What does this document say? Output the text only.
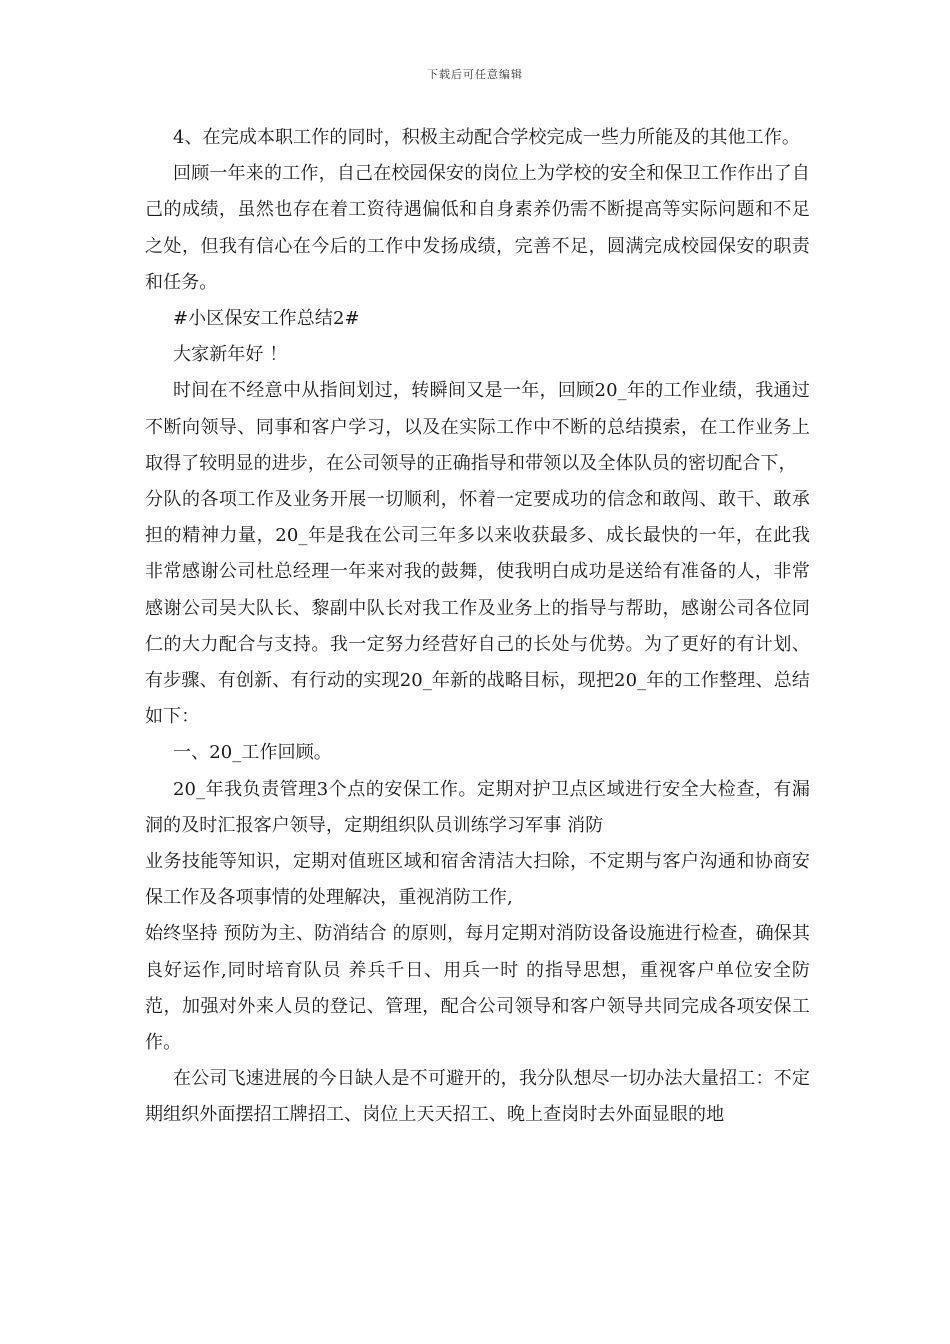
下载后可任意编辑

4、在完成本职工作的同时，积极主动配合学校完成一些力所能及的其他工作。

回顾一年来的工作，自己在校园保安的岗位上为学校的安全和保卫工作作出了自己的成绩，虽然也存在着工资待遇偏低和自身素养仍需不断提高等实际问题和不足之处，但我有信心在今后的工作中发扬成绩，完善不足，圆满完成校园保安的职责和任务。

#小区保安工作总结2#

大家新年好 ！

时间在不经意中从指间划过，转瞬间又是一年，回顾20_年的工作业绩，我通过不断向领导、同事和客户学习，以及在实际工作中不断的总结摸索，在工作业务上取得了较明显的进步，在公司领导的正确指导和带领以及全体队员的密切配合下，

分队的各项工作及业务开展一切顺利，怀着一定要成功的信念和敢闯、敢干、敢承担的精神力量，20_年是我在公司三年多以来收获最多、成长最快的一年，在此我非常感谢公司杜总经理一年来对我的鼓舞，使我明白成功是送给有准备的人，非常感谢公司吴大队长、黎副中队长对我工作及业务上的指导与帮助，感谢公司各位同仁的大力配合与支持。我一定努力经营好自己的长处与优势。为了更好的有计划、有步骤、有创新、有行动的实现20_年新的战略目标，现把20_年的工作整理、总结如下：

一、20_工作回顾。

20_年我负责管理3个点的安保工作。定期对护卫点区域进行安全大检查，有漏洞的及时汇报客户领导，定期组织队员训练学习军事 消防

业务技能等知识，定期对值班区域和宿舍清洁大扫除，不定期与客户沟通和协商安保工作及各项事情的处理解决，重视消防工作,

始终坚持 预防为主、防消结合 的原则，每月定期对消防设备设施进行检查，确保其良好运作,同时培育队员 养兵千日、用兵一时 的指导思想，重视客户单位安全防范，加强对外来人员的登记、管理，配合公司领导和客户领导共同完成各项安保工作。

在公司飞速进展的今日缺人是不可避开的，我分队想尽一切办法大量招工：不定期组织外面摆招工牌招工、岗位上天天招工、晚上查岗时去外面显眼的地
